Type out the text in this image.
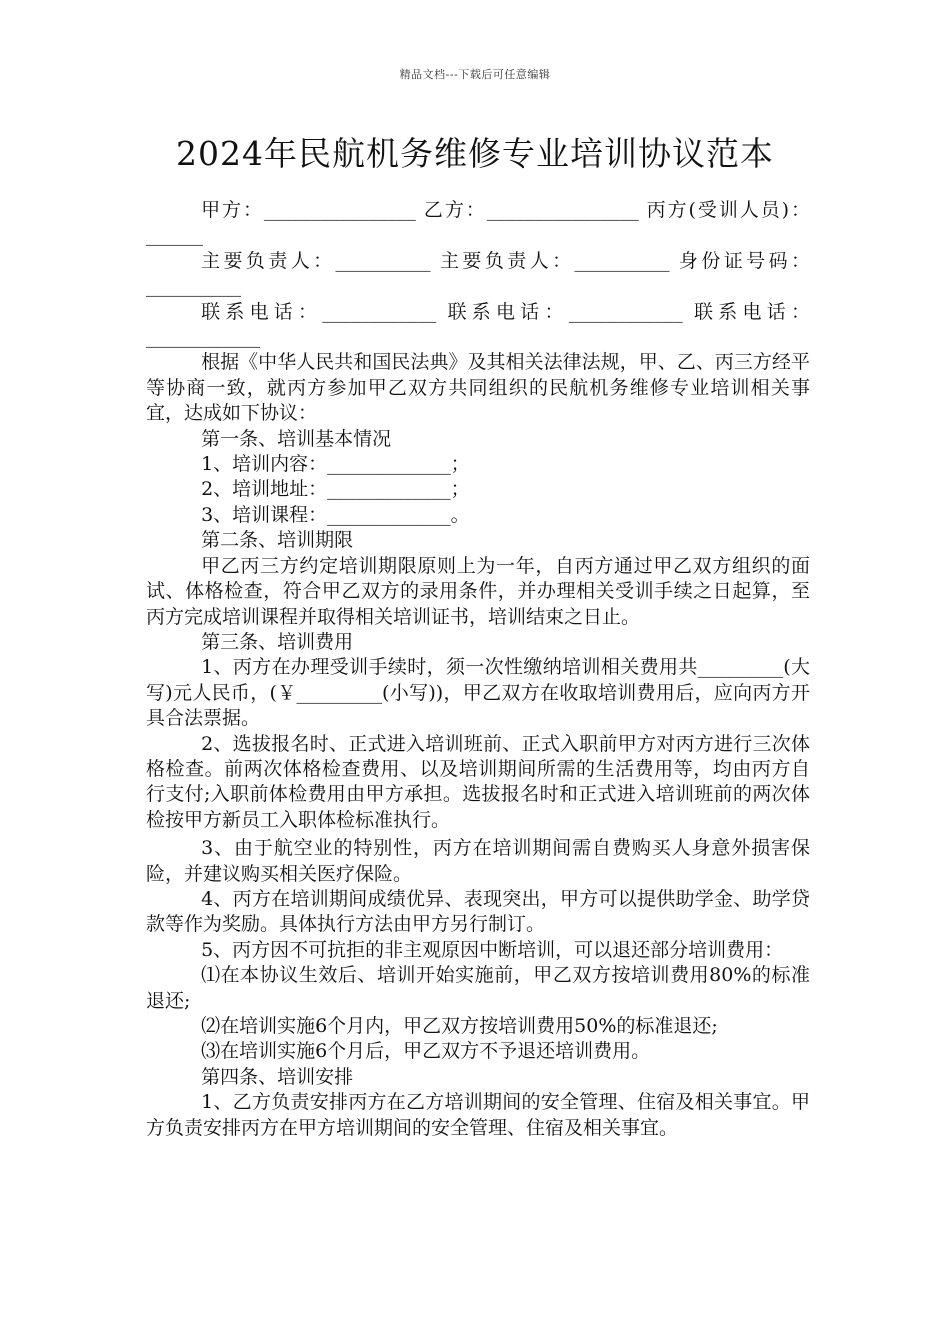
精品文档---下载后可任意编辑
2024年民航机务维修专业培训协议范本

甲方：________________ 乙方：________________ 丙方(受训人员)：______

主要负责人：__________ 主要负责人：__________ 身份证号码：__________

联系电话：____________ 联系电话：____________ 联系电话：____________

根据《中华人民共和国民法典》及其相关法律法规，甲、乙、丙三方经平等协商一致，就丙方参加甲乙双方共同组织的民航机务维修专业培训相关事宜，达成如下协议：

第一条、培训基本情况

1、培训内容：_____________；

2、培训地址：_____________；

3、培训课程：_____________。

第二条、培训期限

甲乙丙三方约定培训期限原则上为一年，自丙方通过甲乙双方组织的面试、体格检查，符合甲乙双方的录用条件，并办理相关受训手续之日起算，至丙方完成培训课程并取得相关培训证书，培训结束之日止。

第三条、培训费用

1、丙方在办理受训手续时，须一次性缴纳培训相关费用共_________(大写)元人民币，(￥_________(小写))，甲乙双方在收取培训费用后，应向丙方开具合法票据。

2、选拔报名时、正式进入培训班前、正式入职前甲方对丙方进行三次体格检查。前两次体格检查费用、以及培训期间所需的生活费用等，均由丙方自行支付;入职前体检费用由甲方承担。选拔报名时和正式进入培训班前的两次体检按甲方新员工入职体检标准执行。

3、由于航空业的特别性，丙方在培训期间需自费购买人身意外损害保险，并建议购买相关医疗保险。

4、丙方在培训期间成绩优异、表现突出，甲方可以提供助学金、助学贷款等作为奖励。具体执行方法由甲方另行制订。

5、丙方因不可抗拒的非主观原因中断培训，可以退还部分培训费用：

⑴在本协议生效后、培训开始实施前，甲乙双方按培训费用80%的标准退还;

⑵在培训实施6个月内，甲乙双方按培训费用50%的标准退还;

⑶在培训实施6个月后，甲乙双方不予退还培训费用。

第四条、培训安排

1、乙方负责安排丙方在乙方培训期间的安全管理、住宿及相关事宜。甲方负责安排丙方在甲方培训期间的安全管理、住宿及相关事宜。
